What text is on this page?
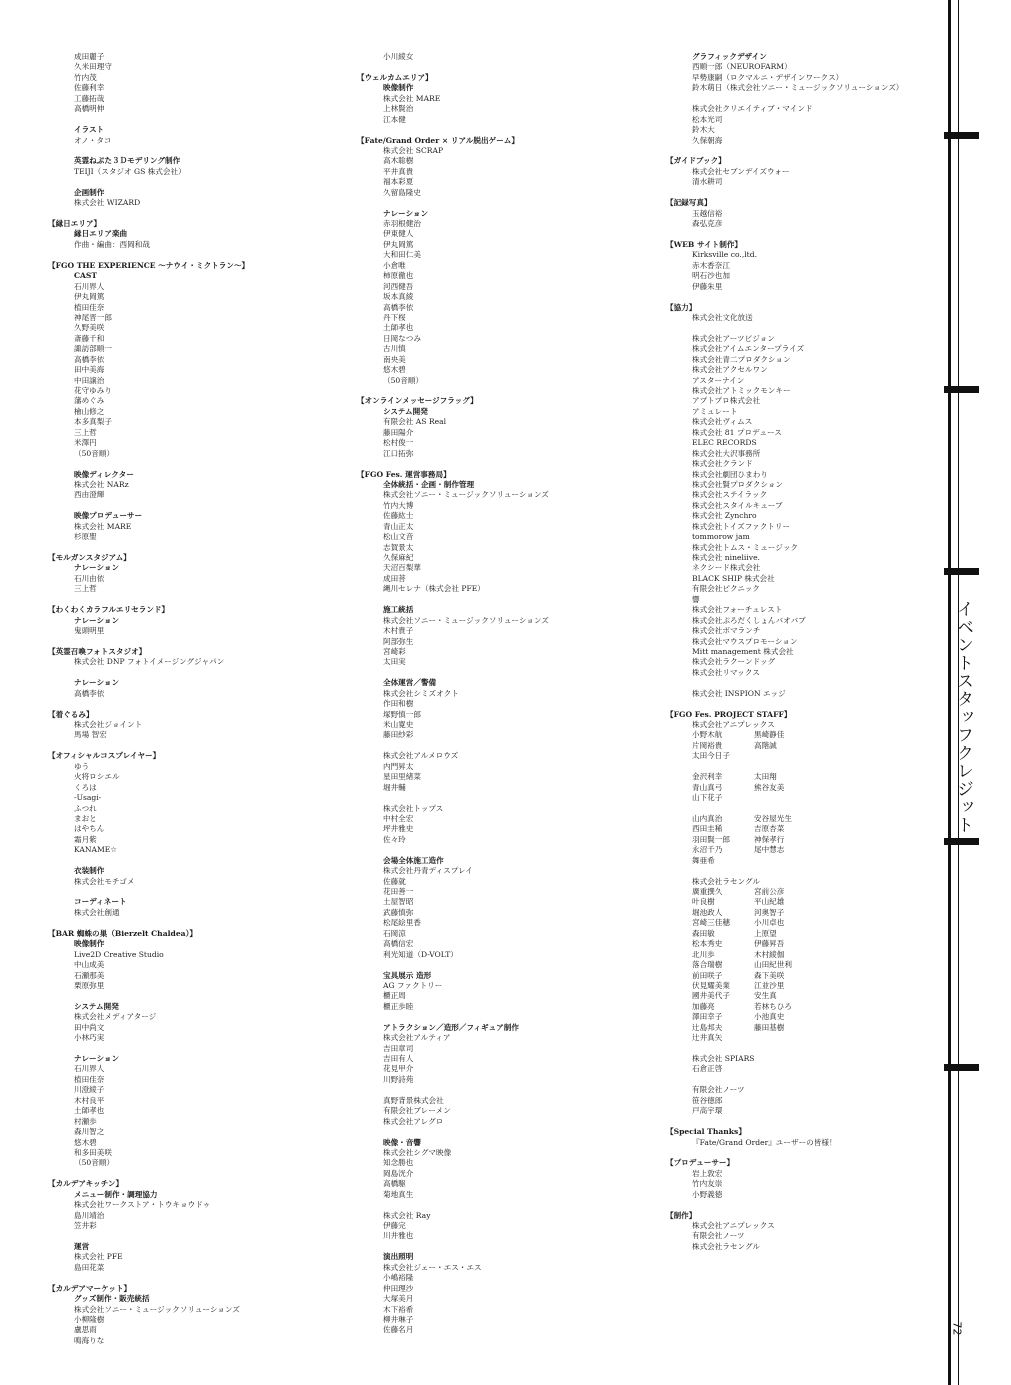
成田麗子
久米田理守
竹内茂
佐藤利幸
工藤拓哉
高橋明伸
イラスト
オノ・タコ
英霊ねぷた３Ｄモデリング制作
TEIJI（スタジオ GS 株式会社）
企画制作
株式会社 WIZARD
【縁日エリア】
縁日エリア楽曲
作曲・編曲：西岡和哉
【FGO THE EXPERIENCE 〜ナウイ・ミクトラン〜】
CAST
石川界人
伊丸岡篤
植田佳奈
神尾晋一郎
久野美咲
斎藤千和
諏訪部順一
高橋李依
田中美海
中田譲治
花守ゆみり
藩めぐみ
檜山修之
本多真梨子
三上哲
米澤円
（50音順）
映像ディレクター
株式会社 NARz
西由澄輝
映像プロデューサー
株式会社 MARE
杉原聖
【モルガンスタジアム】
ナレーション
石川由依
三上哲
【わくわくカラフルエリセランド】
ナレーション
鬼頭明里
【英霊召喚フォトスタジオ】
株式会社 DNP フォトイメージングジャパン
ナレーション
高橋李依
【着ぐるみ】
株式会社ジョイント
馬場 智宏
【オフィシャルコスプレイヤー】
ゆう
火将ロシエル
くろは
-Usagi-
ふつれ
まおと
はやちん
霜月紫
KANAME☆
衣装制作
株式会社モチゴメ
コーディネート
株式会社創通
【BAR 蜘蛛の巣（Bierzelt Chaldea）】
映像制作
Live2D Creative Studio
中山成美
石瀬那美
栗原弥里
システム開発
株式会社メディアタージ
田中尚文
小林巧実
ナレーション
石川界人
植田佳奈
川澄綾子
木村良平
土師孝也
村瀬歩
森川智之
悠木碧
和多田美咲
（50音順）
【カルデアキッチン】
メニュー制作・調理協力
株式会社ワークストア・トウキョウドゥ
島川靖治
笠井彩
運営
株式会社 PFE
島田花菜
【カルデアマーケット】
グッズ制作・販売統括
株式会社ソニー・ミュージックソリューションズ
小柳隆樹
盧思雨
鳴海りな
小川綾女
【ウェルカムエリア】
映像制作
株式会社 MARE
上林賢治
江本健
【Fate/Grand Order × リアル脱出ゲーム】
株式会社 SCRAP
高木聡樹
平井真貴
福本彩夏
久留島隆史
ナレーション
赤羽根健治
伊東健人
伊丸岡篤
大和田仁美
小倉唯
柿原徹也
河西健吾
坂本真綾
高橋李依
丹下桜
土師孝也
日岡なつみ
古川慎
南央美
悠木碧
（50音順）
【オンラインメッセージフラッグ】
システム開発
有限会社 AS Real
藤田陽介
松村俊一
江口拓弥
【FGO Fes. 運営事務局】
全体統括・企画・制作管理
株式会社ソニー・ミュージックソリューションズ
竹内大博
佐藤紘士
青山正太
松山文音
志賀景太
久保麻紀
天沼百梨華
成田菩
縄川セレナ（株式会社 PFE）
施工統括
株式会社ソニー・ミュージックソリューションズ
木村貴子
阿部弥生
宮崎彩
太田実
全体運営／警備
株式会社シミズオクト
作田和樹
塚野慎一郎
米山寛史
藤田紗彩
株式会社アルメロウズ
内門昇太
星田里緒菜
堀井輔
株式会社トップス
中村全宏
坪井雅史
佐々玲
会場全体施工造作
株式会社丹青ディスプレイ
佐藤就
花田善一
土屋智昭
武藤慎弥
松尾絵里香
石岡涼
高橋信宏
利光知道（D-VOLT）
宝具展示 造形
AG ファクトリー
櫃正周
櫃正歩睦
アトラクション／造形／フィギュア制作
株式会社アルティア
吉田章司
吉田有人
花見甲介
川野詩苑
真野背景株式会社
有限会社ブレーメン
株式会社アレグロ
映像・音響
株式会社シグマ映像
知念勝也
岡島洸介
高橋駆
菊地真生
株式会社 Ray
伊藤完
川井雅也
演出照明
株式会社ジェー・エス・エス
小嶋裕隆
仲田理沙
大塚美月
木下裕希
柳井琳子
佐藤名月
グラフィックデザイン
西順一郎（NEUROFARM）
早勢康嗣（ロクマルニ・デザインワークス）
鈴木萌日（株式会社ソニー・ミュージックソリューションズ）
株式会社クリエイティブ・マインド
松本光司
鈴木大
久保朝海
【ガイドブック】
株式会社セブンデイズウォー
清水耕司
【記録写真】
玉越信裕
森弘克彦
【WEB サイト制作】
Kirksville co.,ltd.
赤木香奈江
明石沙也加
伊藤朱里
【協力】
株式会社文化放送
株式会社アーツビジョン
株式会社アイムエンタープライズ
株式会社青二プロダクション
株式会社アクセルワン
アスターナイン
株式会社アトミックモンキー
アプトプロ株式会社
アミュレート
株式会社ヴィムス
株式会社 81 プロデュース
ELEC RECORDS
株式会社大沢事務所
株式会社クランド
株式会社劇団ひまわり
株式会社賢プロダクション
株式会社ステイラック
株式会社スタイルキューブ
株式会社 Zynchro
株式会社トイズファクトリー
tommorow jam
株式会社トムス・ミュージック
株式会社 nineliive.
ネクシード株式会社
BLACK SHIP 株式会社
有限会社ピクニック
響
株式会社フォーチュレスト
株式会社ぷろだくしょんバオバブ
株式会社ボマランチ
株式会社マウスプロモーション
Mitt management 株式会社
株式会社ラクーンドッグ
株式会社リマックス
株式会社 INSPION エッジ
【FGO Fes. PROJECT STAFF】
株式会社アニプレックス
小野木航	黒崎静佳
片岡裕貴	高階誠
太田今日子
金沢利幸	太田翔
青山真弓	熊谷友美
山下花子
山内真治	安谷屋光生
西田圭稀	吉原杏菜
羽田賢一郎	神保孝行
永沼千乃	尾中慧志
舞亜希
株式会社ラセングル
廣重撰久	宮前公彦
叶良樹	平山紀雄
堀池政人	河奥智子
宮崎三佳穂	小川卓也
森田敏	上原望
松本秀史	伊藤昇吾
北川歩	木村綾伽
落合瑞樹	山田紀世利
前田咲子	森下美咲
伏見耀美業	江並沙里
國井美代子	安生真
加藤亮	若林ちひろ
澤田幸子	小池真史
辻島邦夫	藤田基樹
辻井真矢
株式会社 SPIARS
石倉正啓
有限会社ノーツ
笹谷徳郎
戸高宇環
【Special Thanks】
『Fate/Grand Order』ユーザーの皆様！
【プロデューサー】
岩上敦宏
竹内友崇
小野義徳
【制作】
株式会社アニプレックス
有限会社ノーツ
株式会社ラセングル
イベントスタッフクレジット
72
